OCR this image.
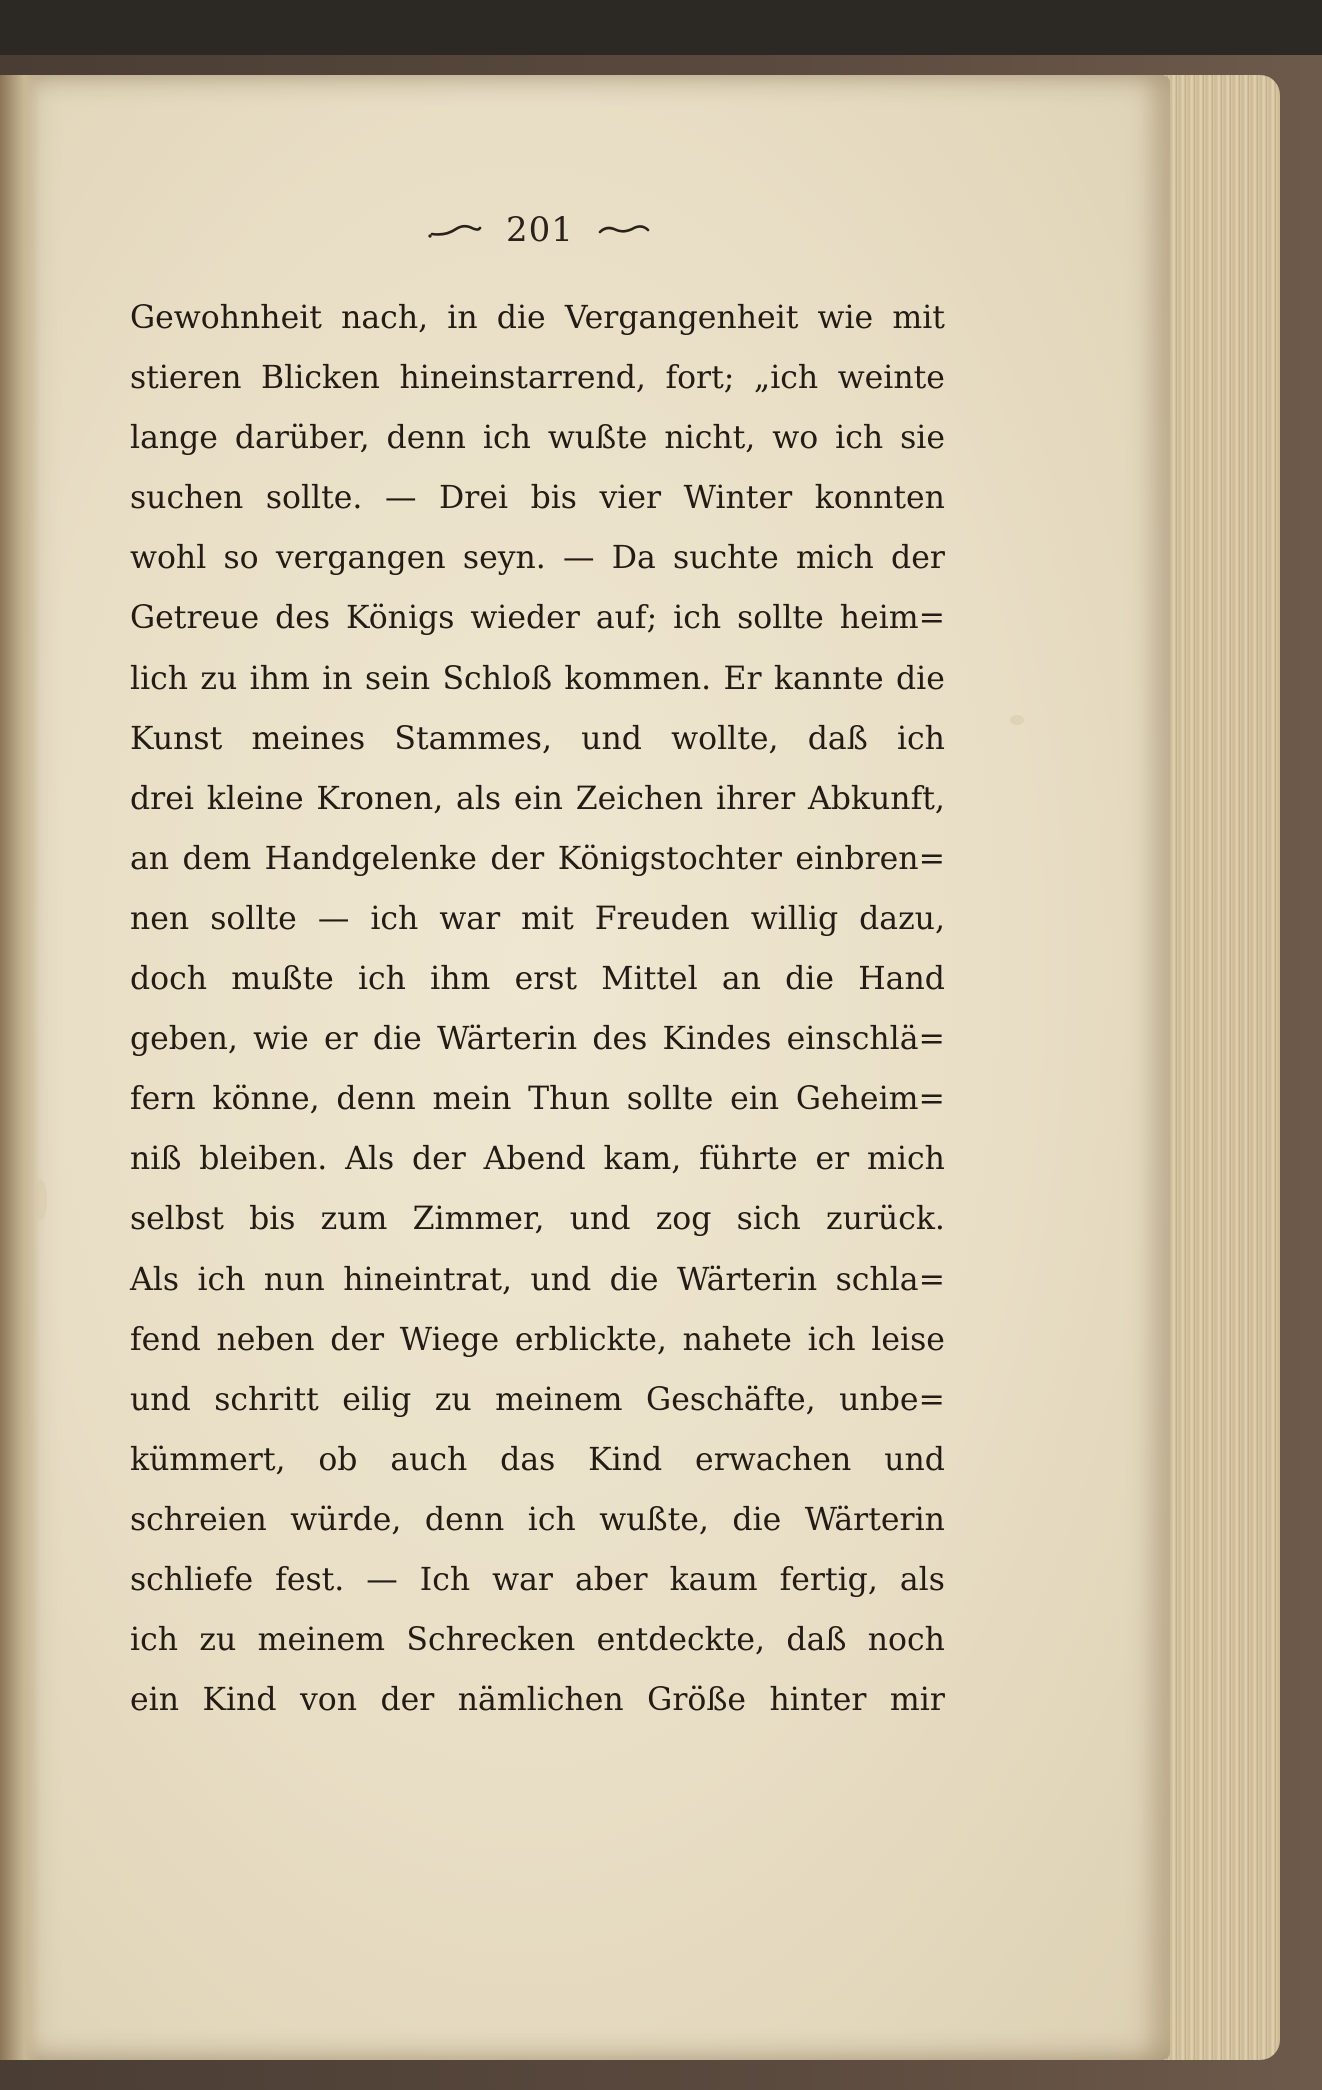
201
Gewohnheit nach, in die Vergangenheit wie mit
stieren Blicken hineinstarrend, fort; „ich weinte
lange darüber, denn ich wußte nicht, wo ich sie
suchen sollte. — Drei bis vier Winter konnten
wohl so vergangen seyn. — Da suchte mich der
Getreue des Königs wieder auf; ich sollte heim=
lich zu ihm in sein Schloß kommen. Er kannte die
Kunst meines Stammes, und wollte, daß ich
drei kleine Kronen, als ein Zeichen ihrer Abkunft,
an dem Handgelenke der Königstochter einbren=
nen sollte — ich war mit Freuden willig dazu,
doch mußte ich ihm erst Mittel an die Hand
geben, wie er die Wärterin des Kindes einschlä=
fern könne, denn mein Thun sollte ein Geheim=
niß bleiben. Als der Abend kam, führte er mich
selbst bis zum Zimmer, und zog sich zurück.
Als ich nun hineintrat, und die Wärterin schla=
fend neben der Wiege erblickte, nahete ich leise
und schritt eilig zu meinem Geschäfte, unbe=
kümmert, ob auch das Kind erwachen und
schreien würde, denn ich wußte, die Wärterin
schliefe fest. — Ich war aber kaum fertig, als
ich zu meinem Schrecken entdeckte, daß noch
ein Kind von der nämlichen Größe hinter mir
